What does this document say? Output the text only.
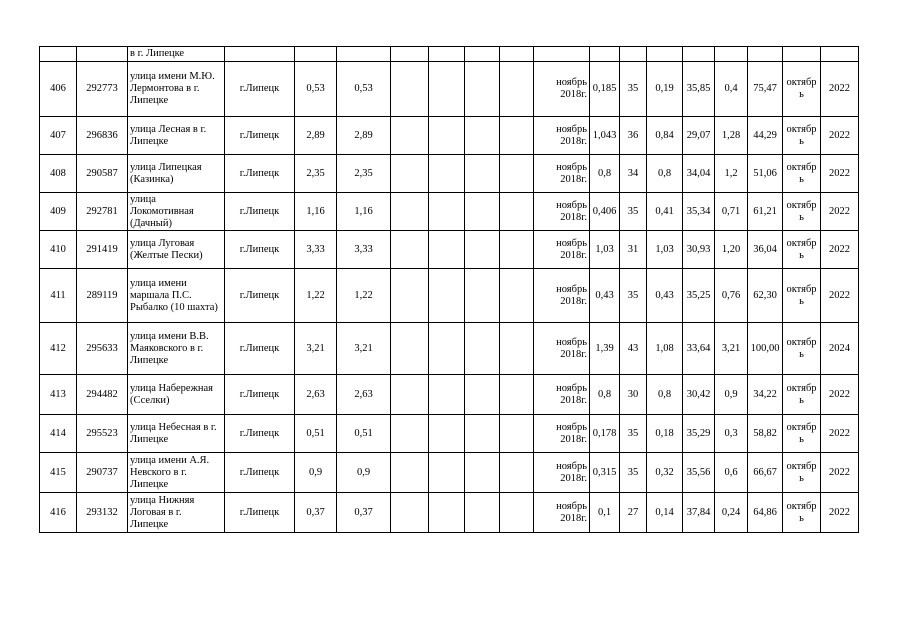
		в г. Липецке																
406	292773	улица имени М.Ю. Лермонтова в г. Липецке	г.Липецк	0,53	0,53					ноябрь 2018г.	0,185	35	0,19	35,85	0,4	75,47	октябрь	2022
407	296836	улица Лесная в г. Липецке	г.Липецк	2,89	2,89					ноябрь 2018г.	1,043	36	0,84	29,07	1,28	44,29	октябрь	2022
408	290587	улица Липецкая (Казинка)	г.Липецк	2,35	2,35					ноябрь 2018г.	0,8	34	0,8	34,04	1,2	51,06	октябрь	2022
409	292781	улица Локомотивная (Дачный)	г.Липецк	1,16	1,16					ноябрь 2018г.	0,406	35	0,41	35,34	0,71	61,21	октябрь	2022
410	291419	улица Луговая (Желтые Пески)	г.Липецк	3,33	3,33					ноябрь 2018г.	1,03	31	1,03	30,93	1,20	36,04	октябрь	2022
411	289119	улица имени маршала П.С. Рыбалко (10 шахта)	г.Липецк	1,22	1,22					ноябрь 2018г.	0,43	35	0,43	35,25	0,76	62,30	октябрь	2022
412	295633	улица имени В.В. Маяковского в г. Липецке	г.Липецк	3,21	3,21					ноябрь 2018г.	1,39	43	1,08	33,64	3,21	100,00	октябрь	2024
413	294482	улица Набережная (Сселки)	г.Липецк	2,63	2,63					ноябрь 2018г.	0,8	30	0,8	30,42	0,9	34,22	октябрь	2022
414	295523	улица Небесная в г. Липецке	г.Липецк	0,51	0,51					ноябрь 2018г.	0,178	35	0,18	35,29	0,3	58,82	октябрь	2022
415	290737	улица имени А.Я. Невского в г. Липецке	г.Липецк	0,9	0,9					ноябрь 2018г.	0,315	35	0,32	35,56	0,6	66,67	октябрь	2022
416	293132	улица Нижняя Логовая в г. Липецке	г.Липецк	0,37	0,37					ноябрь 2018г.	0,1	27	0,14	37,84	0,24	64,86	октябрь	2022
